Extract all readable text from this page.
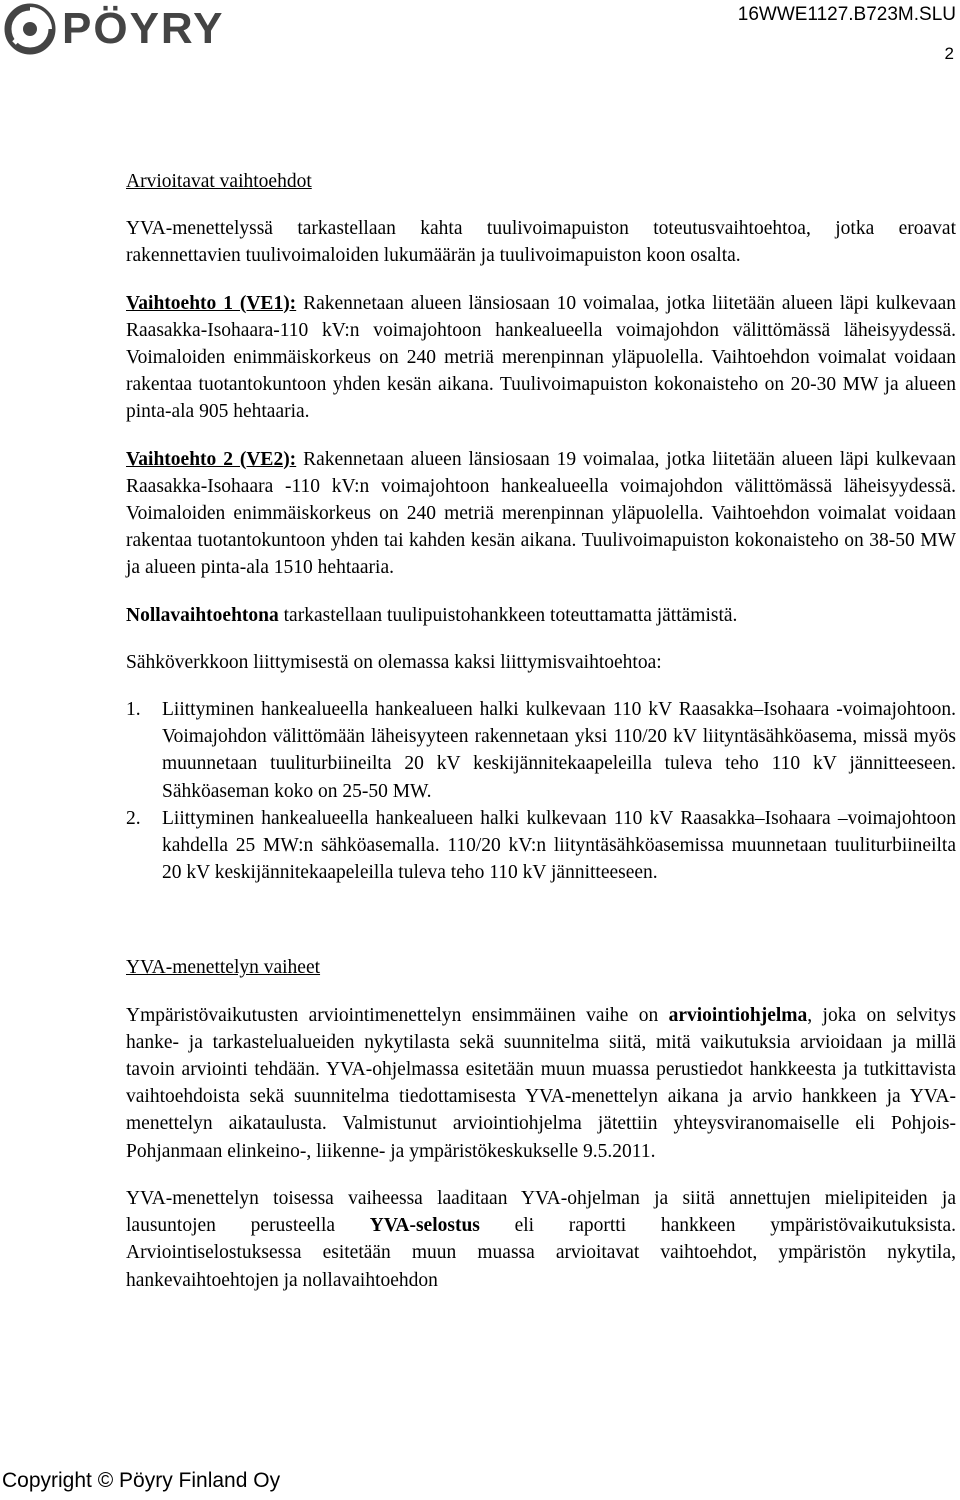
PÖYRY	16WWE1127.B723M.SLU
2
Arvioitavat vaihtoehdot

YVA-menettelyssä tarkastellaan kahta tuulivoimapuiston toteutusvaihtoehtoa, jotka eroavat rakennettavien tuulivoimaloiden lukumäärän ja tuulivoimapuiston koon osalta.

Vaihtoehto 1 (VE1): Rakennetaan alueen länsiosaan 10 voimalaa, jotka liitetään alueen läpi kulkevaan Raasakka-Isohaara-110 kV:n voimajohtoon hankealueella voimajohdon välittömässä läheisyydessä. Voimaloiden enimmäiskorkeus on 240 metriä merenpinnan yläpuolella. Vaihtoehdon voimalat voidaan rakentaa tuotantokuntoon yhden kesän aikana. Tuulivoimapuiston kokonaisteho on 20-30 MW ja alueen pinta-ala 905 hehtaaria.

Vaihtoehto 2 (VE2): Rakennetaan alueen länsiosaan 19 voimalaa, jotka liitetään alueen läpi kulkevaan Raasakka-Isohaara -110 kV:n voimajohtoon hankealueella voimajohdon välittömässä läheisyydessä. Voimaloiden enimmäiskorkeus on 240 metriä merenpinnan yläpuolella. Vaihtoehdon voimalat voidaan rakentaa tuotantokuntoon yhden tai kahden kesän aikana. Tuulivoimapuiston kokonaisteho on 38-50 MW ja alueen pinta-ala 1510 hehtaaria.

Nollavaihtoehtona tarkastellaan tuulipuistohankkeen toteuttamatta jättämistä.

Sähköverkkoon liittymisestä on olemassa kaksi liittymisvaihtoehtoa:

1. Liittyminen hankealueella hankealueen halki kulkevaan 110 kV Raasakka–Isohaara -voimajohtoon. Voimajohdon välittömään läheisyyteen rakennetaan yksi 110/20 kV liityntäsähköasema, missä myös muunnetaan tuuliturbiineilta 20 kV keskijännitekaapeleilla tuleva teho 110 kV jännitteeseen. Sähköaseman koko on 25-50 MW.
2. Liittyminen hankealueella hankealueen halki kulkevaan 110 kV Raasakka–Isohaara –voimajohtoon kahdella 25 MW:n sähköasemalla. 110/20 kV:n liityntäsähköasemissa muunnetaan tuuliturbiineilta 20 kV keskijännitekaapeleilla tuleva teho 110 kV jännitteeseen.
YVA-menettelyn vaiheet

Ympäristövaikutusten arviointimenettelyn ensimmäinen vaihe on arviointiohjelma, joka on selvitys hanke- ja tarkastelualueiden nykytilasta sekä suunnitelma siitä, mitä vaikutuksia arvioidaan ja millä tavoin arviointi tehdään. YVA-ohjelmassa esitetään muun muassa perustiedot hankkeesta ja tutkittavista vaihtoehdoista sekä suunnitelma tiedottamisesta YVA-menettelyn aikana ja arvio hankkeen ja YVA-menettelyn aikataulusta. Valmistunut arviointiohjelma jätettiin yhteysviranomaiselle eli Pohjois-Pohjanmaan elinkeino-, liikenne- ja ympäristökeskukselle 9.5.2011.

YVA-menettelyn toisessa vaiheessa laaditaan YVA-ohjelman ja siitä annettujen mielipiteiden ja lausuntojen perusteella YVA-selostus eli raportti hankkeen ympäristövaikutuksista. Arviointiselostuksessa esitetään muun muassa arvioitavat vaihtoehdot, ympäristön nykytila, hankevaihtoehtojen ja nollavaihtoehdon

Copyright © Pöyry Finland Oy
